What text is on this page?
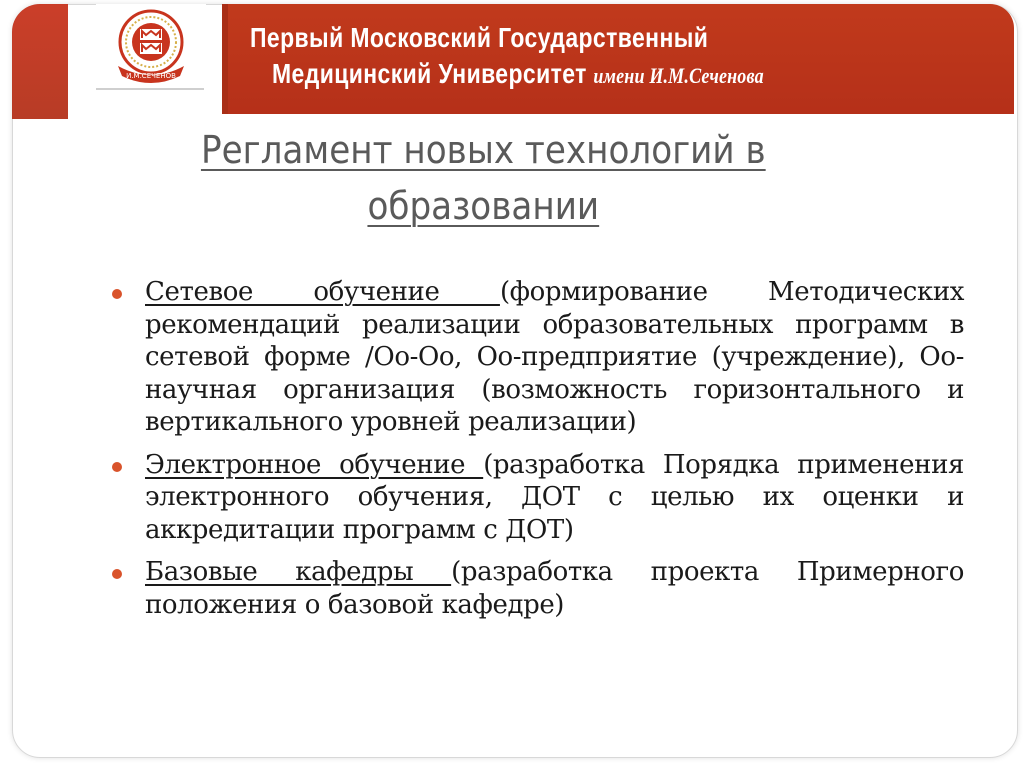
И.М.СЕЧЕНОВ
Первый Московский Государственный
Медицинский Университет имени И.М.Сеченова
Регламент новых технологий в
образовании
Сетевое обучение (формирование Методических рекомендаций реализации образовательных программ в сетевой форме /Оо-Оо, Оо-предприятие (учреждение), Оо-научная организация (возможность горизонтального и вертикального уровней реализации)
Электронное обучение (разработка Порядка применения электронного обучения, ДОТ с целью их оценки и аккредитации программ с ДОТ)
Базовые кафедры (разработка проекта Примерного положения о базовой кафедре)
